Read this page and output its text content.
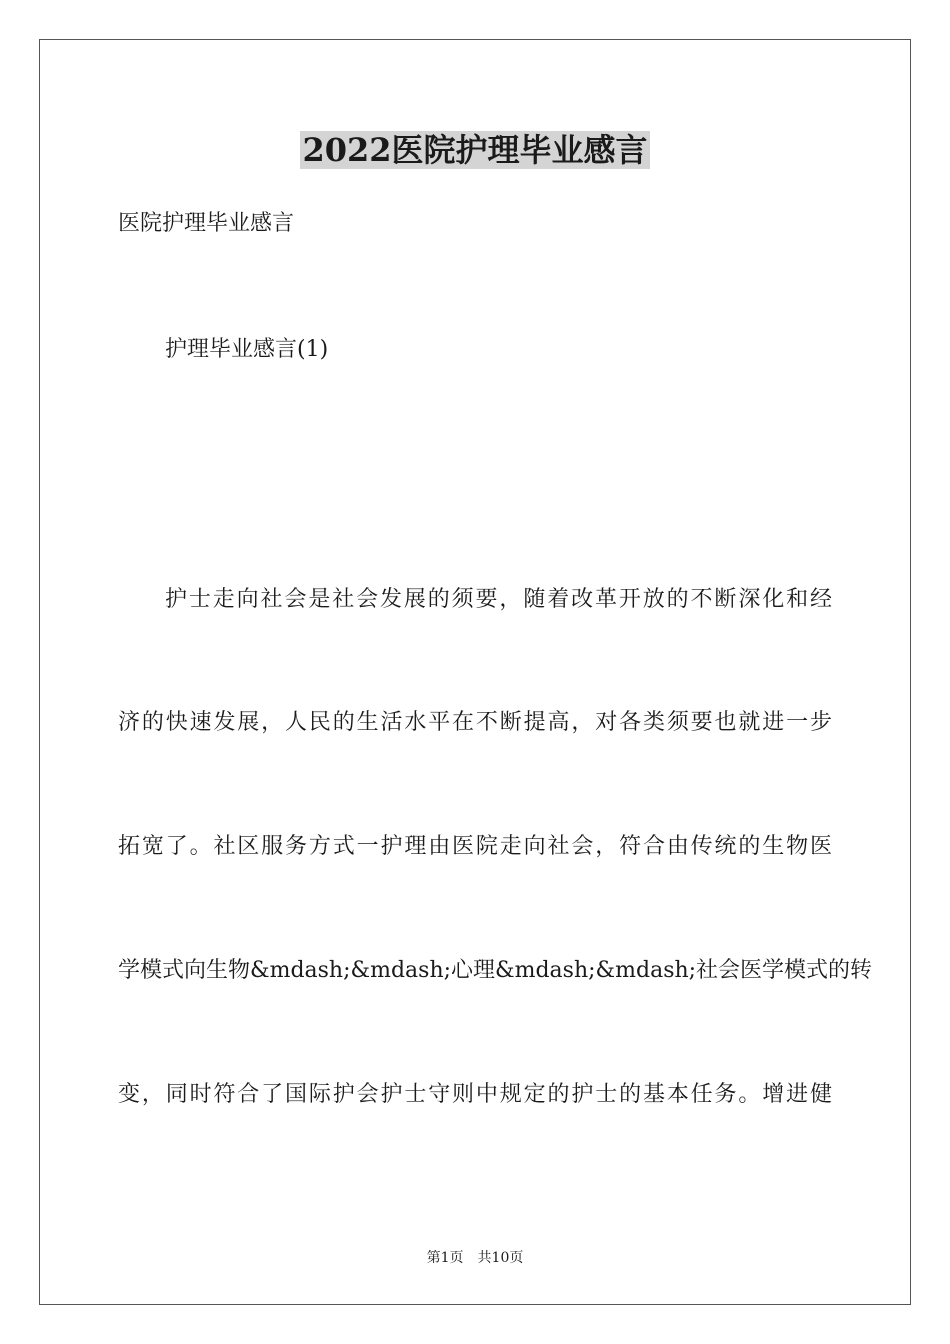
2022医院护理毕业感言

医院护理毕业感言

护理毕业感言(1)

护士走向社会是社会发展的须要，随着改革开放的不断深化和经

济的快速发展，人民的生活水平在不断提高，对各类须要也就进一步

拓宽了。社区服务方式一护理由医院走向社会，符合由传统的生物医

学模式向生物&mdash;&mdash;心理&mdash;&mdash;社会医学模式的转

变，同时符合了国际护会护士守则中规定的护士的基本任务。增进健

第1页 共10页
